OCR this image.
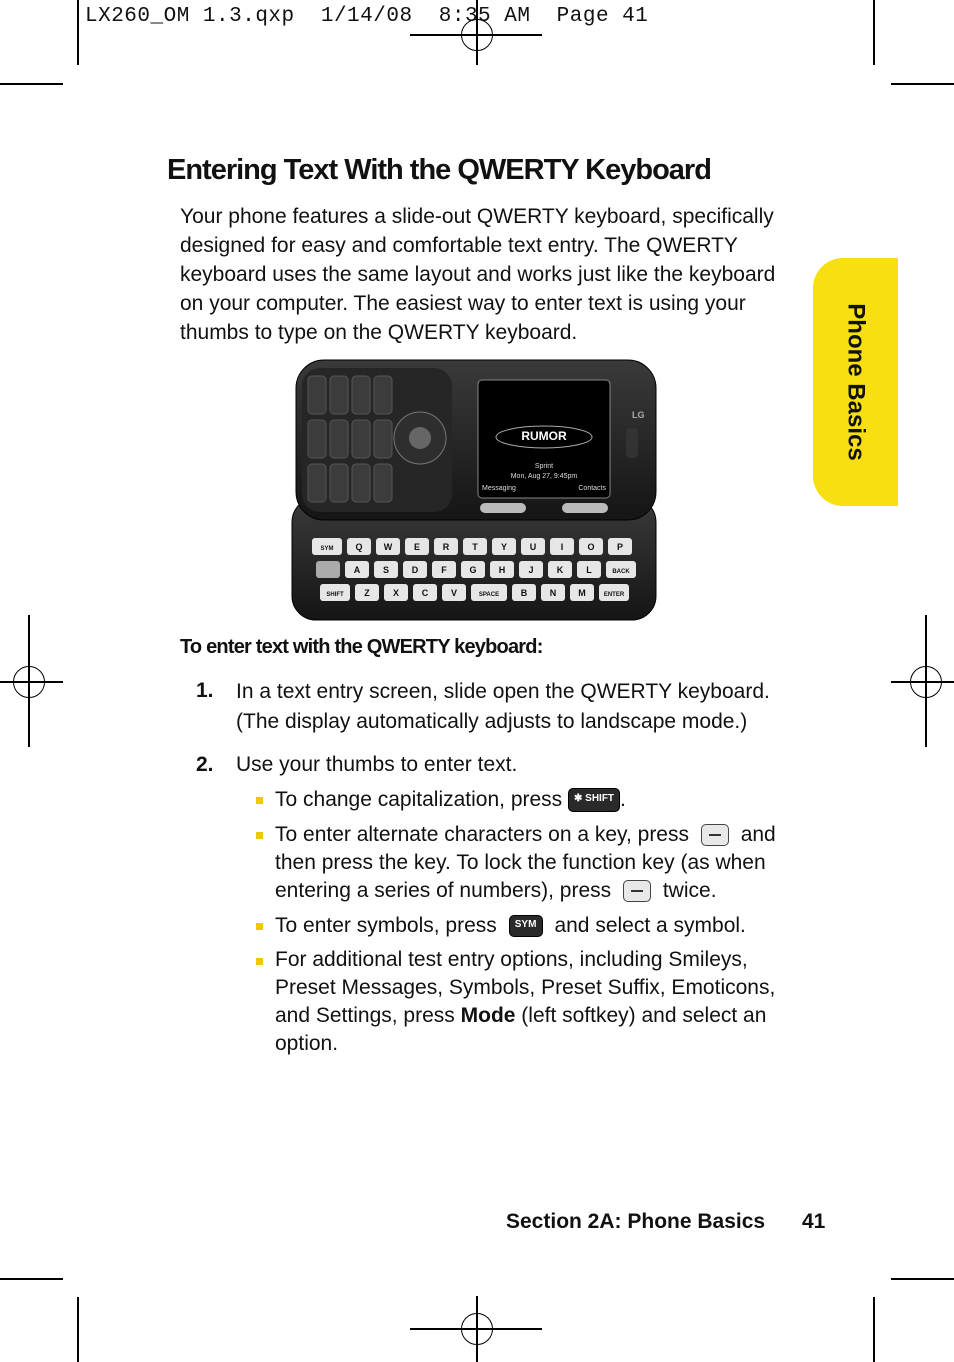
LX260_OM 1.3.qxp  1/14/08  8:35 AM  Page 41
Entering Text With the QWERTY Keyboard

Your phone features a slide-out QWERTY keyboard, specifically designed for easy and comfortable text entry. The QWERTY keyboard uses the same layout and works just like the keyboard on your computer. The easiest way to enter text is using your thumbs to type on the QWERTY keyboard.	Phone Basics
SYM Q W E	R	T	Y	U	I	O P
A	S	D	F	G H	J	K	L	BACK
SHIFT Z	X	C	V	SPACE B	N M	ENTER
RUMOR
Sprint
Mon, Aug 27, 9:45pm
Messaging	Contacts
LG
To enter text with the QWERTY keyboard:
1. In a text entry screen, slide open the QWERTY keyboard.
(The display automatically adjusts to landscape mode.)
2. Use your thumbs to enter text.
To change capitalization, press ✱ SHIFT .
To enter alternate characters on a key, press and then press the key. To lock the function key (as when entering a series of numbers), press twice.
To enter symbols, press SYM and select a symbol.
For additional test entry options, including Smileys, Preset Messages, Symbols, Preset Suffix, Emoticons, and Settings, press Mode (left softkey) and select an option.
Section 2A: Phone Basics 41
